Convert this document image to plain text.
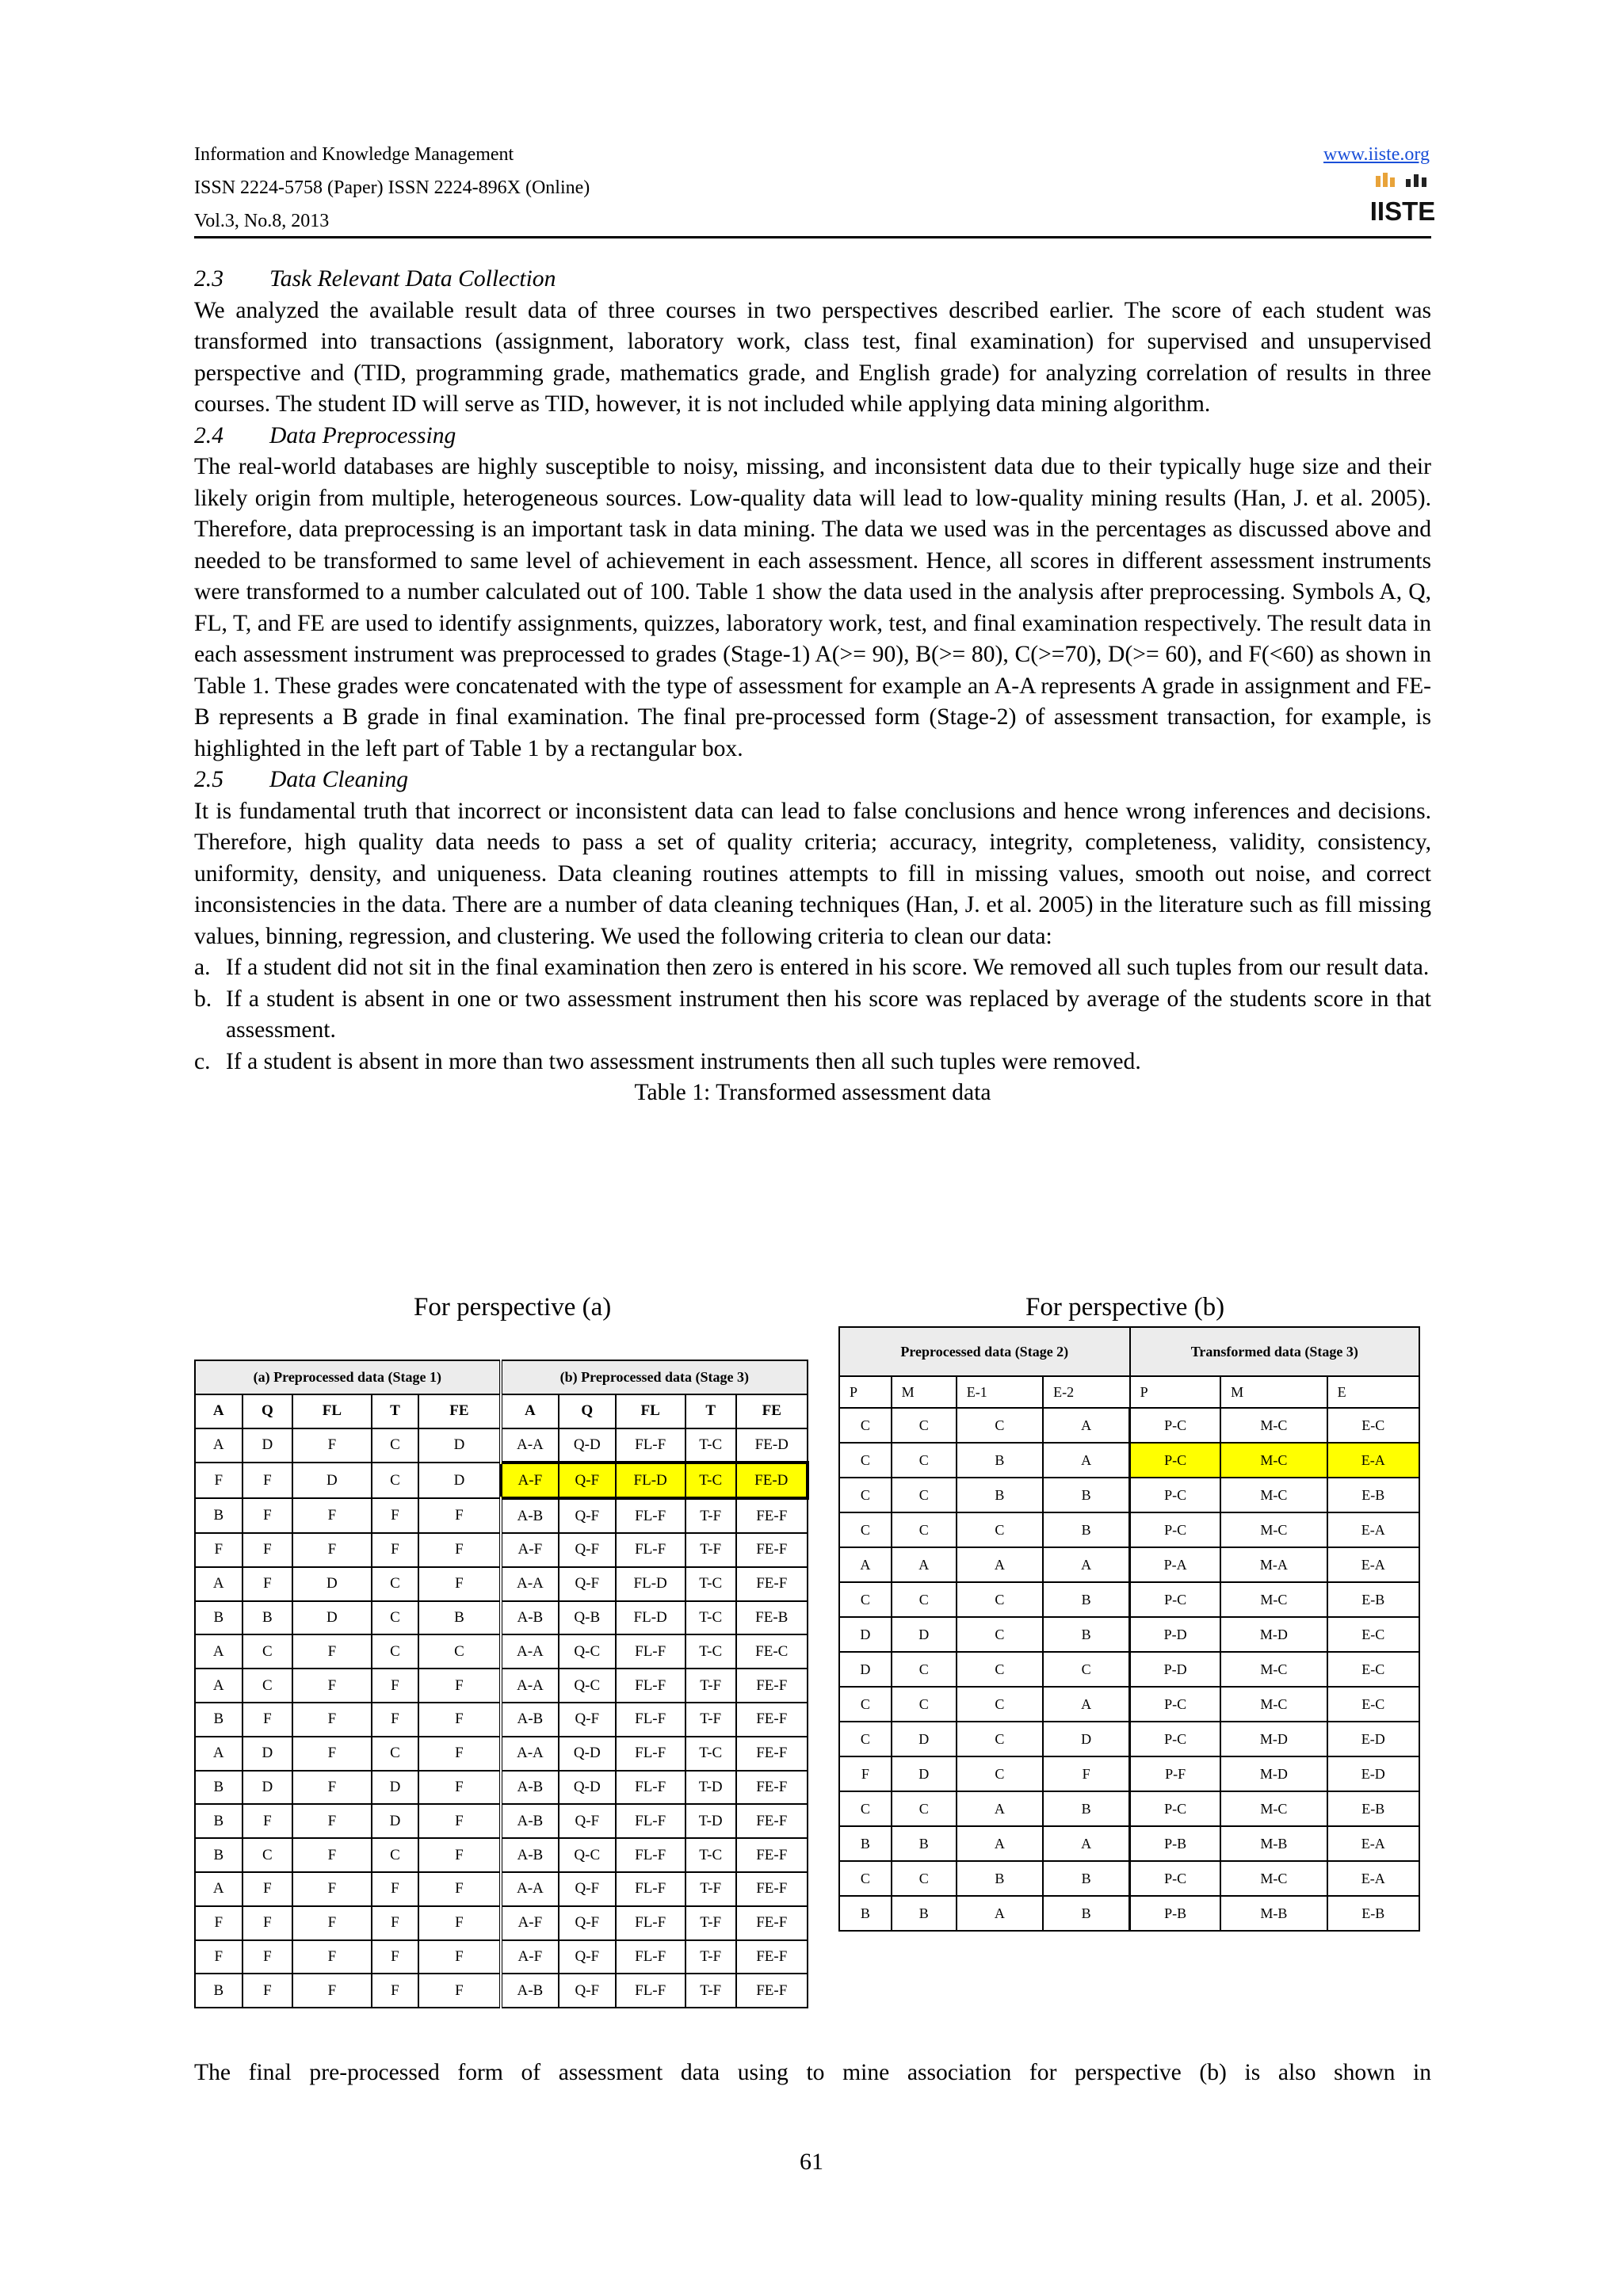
Information and Knowledge Management
ISSN 2224-5758 (Paper) ISSN 2224-896X (Online)
Vol.3, No.8, 2013
www.iiste.org
IISTE
2.3 Task Relevant Data Collection

We analyzed the available result data of three courses in two perspectives described earlier. The score of each student was transformed into transactions (assignment, laboratory work, class test, final examination) for supervised and unsupervised perspective and (TID, programming grade, mathematics grade, and English grade) for analyzing correlation of results in three courses. The student ID will serve as TID, however, it is not included while applying data mining algorithm.

2.4 Data Preprocessing

The real-world databases are highly susceptible to noisy, missing, and inconsistent data due to their typically huge size and their likely origin from multiple, heterogeneous sources. Low-quality data will lead to low-quality mining results (Han, J. et al. 2005). Therefore, data preprocessing is an important task in data mining. The data we used was in the percentages as discussed above and needed to be transformed to same level of achievement in each assessment. Hence, all scores in different assessment instruments were transformed to a number calculated out of 100. Table 1 show the data used in the analysis after preprocessing. Symbols A, Q, FL, T, and FE are used to identify assignments, quizzes, laboratory work, test, and final examination respectively. The result data in each assessment instrument was preprocessed to grades (Stage-1) A(>= 90), B(>= 80), C(>=70), D(>= 60), and F(<60) as shown in Table 1. These grades were concatenated with the type of assessment for example an A-A represents A grade in assignment and FE-B represents a B grade in final examination. The final pre-processed form (Stage-2) of assessment transaction, for example, is highlighted in the left part of Table 1 by a rectangular box.

2.5 Data Cleaning

It is fundamental truth that incorrect or inconsistent data can lead to false conclusions and hence wrong inferences and decisions. Therefore, high quality data needs to pass a set of quality criteria; accuracy, integrity, completeness, validity, consistency, uniformity, density, and uniqueness. Data cleaning routines attempts to fill in missing values, smooth out noise, and correct inconsistencies in the data. There are a number of data cleaning techniques (Han, J. et al. 2005) in the literature such as fill missing values, binning, regression, and clustering. We used the following criteria to clean our data:

a. If a student did not sit in the final examination then zero is entered in his score. We removed all such tuples from our result data.
b. If a student is absent in one or two assessment instrument then his score was replaced by average of the students score in that assessment.
c. If a student is absent in more than two assessment instruments then all such tuples were removed.
Table 1: Transformed assessment data
For perspective (a)	For perspective (b)
(a) Preprocessed data (Stage 1)					(b) Preprocessed data (Stage 3)				
A	Q	FL	T	FE	A	Q	FL	T	FE
A	D	F	C	D	A-A	Q-D	FL-F	T-C	FE-D
F	F	D	C	D	A-F	Q-F	FL-D	T-C	FE-D
B	F	F	F	F	A-B	Q-F	FL-F	T-F	FE-F
F	F	F	F	F	A-F	Q-F	FL-F	T-F	FE-F
A	F	D	C	F	A-A	Q-F	FL-D	T-C	FE-F
B	B	D	C	B	A-B	Q-B	FL-D	T-C	FE-B
A	C	F	C	C	A-A	Q-C	FL-F	T-C	FE-C
A	C	F	F	F	A-A	Q-C	FL-F	T-F	FE-F
B	F	F	F	F	A-B	Q-F	FL-F	T-F	FE-F
A	D	F	C	F	A-A	Q-D	FL-F	T-C	FE-F
B	D	F	D	F	A-B	Q-D	FL-F	T-D	FE-F
B	F	F	D	F	A-B	Q-F	FL-F	T-D	FE-F
B	C	F	C	F	A-B	Q-C	FL-F	T-C	FE-F
A	F	F	F	F	A-A	Q-F	FL-F	T-F	FE-F
F	F	F	F	F	A-F	Q-F	FL-F	T-F	FE-F
F	F	F	F	F	A-F	Q-F	FL-F	T-F	FE-F
B	F	F	F	F	A-B	Q-F	FL-F	T-F	FE-F
Preprocessed data (Stage 2)				Transformed data (Stage 3)		
P	M	E-1	E-2	P	M	E
C	C	C	A	P-C	M-C	E-C
C	C	B	A	P-C	M-C	E-A
C	C	B	B	P-C	M-C	E-B
C	C	C	B	P-C	M-C	E-A
A	A	A	A	P-A	M-A	E-A
C	C	C	B	P-C	M-C	E-B
D	D	C	B	P-D	M-D	E-C
D	C	C	C	P-D	M-C	E-C
C	C	C	A	P-C	M-C	E-C
C	D	C	D	P-C	M-D	E-D
F	D	C	F	P-F	M-D	E-D
C	C	A	B	P-C	M-C	E-B
B	B	A	A	P-B	M-B	E-A
C	C	B	B	P-C	M-C	E-A
B	B	A	B	P-B	M-B	E-B
The final pre-processed form of assessment data using to mine association for perspective (b) is also shown in
61
